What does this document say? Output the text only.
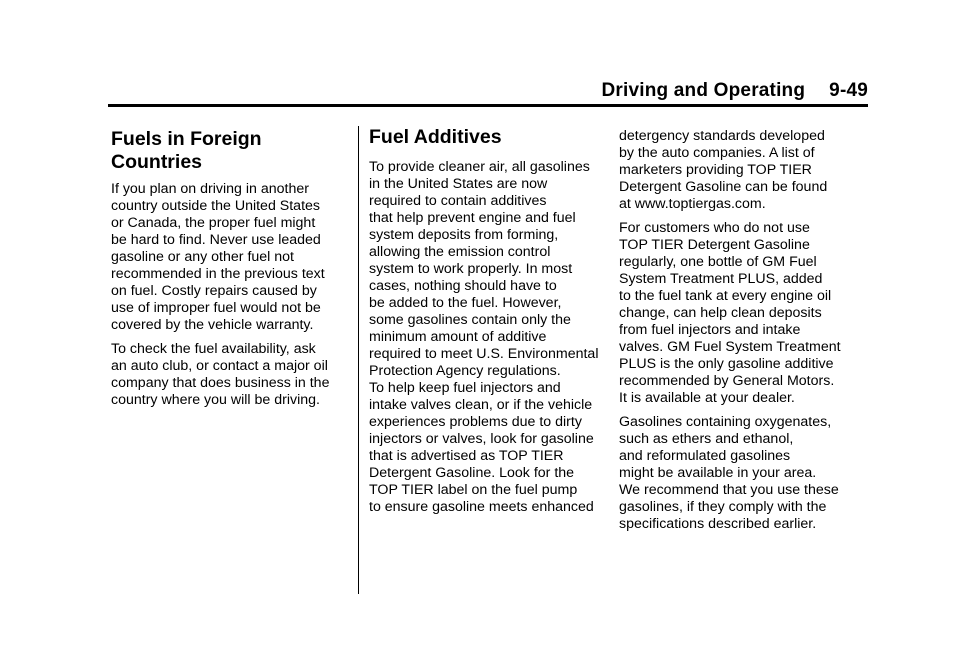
Driving and Operating 9-49
Fuels in Foreign
Countries

If you plan on driving in another
country outside the United States
or Canada, the proper fuel might
be hard to find. Never use leaded
gasoline or any other fuel not
recommended in the previous text
on fuel. Costly repairs caused by
use of improper fuel would not be
covered by the vehicle warranty.

To check the fuel availability, ask
an auto club, or contact a major oil
company that does business in the
country where you will be driving.

Fuel Additives

To provide cleaner air, all gasolines
in the United States are now
required to contain additives
that help prevent engine and fuel
system deposits from forming,
allowing the emission control
system to work properly. In most
cases, nothing should have to
be added to the fuel. However,
some gasolines contain only the
minimum amount of additive
required to meet U.S. Environmental
Protection Agency regulations.
To help keep fuel injectors and
intake valves clean, or if the vehicle
experiences problems due to dirty
injectors or valves, look for gasoline
that is advertised as TOP TIER
Detergent Gasoline. Look for the
TOP TIER label on the fuel pump
to ensure gasoline meets enhanced

detergency standards developed
by the auto companies. A list of
marketers providing TOP TIER
Detergent Gasoline can be found
at www.toptiergas.com.

For customers who do not use
TOP TIER Detergent Gasoline
regularly, one bottle of GM Fuel
System Treatment PLUS, added
to the fuel tank at every engine oil
change, can help clean deposits
from fuel injectors and intake
valves. GM Fuel System Treatment
PLUS is the only gasoline additive
recommended by General Motors.
It is available at your dealer.

Gasolines containing oxygenates,
such as ethers and ethanol,
and reformulated gasolines
might be available in your area.
We recommend that you use these
gasolines, if they comply with the
specifications described earlier.
